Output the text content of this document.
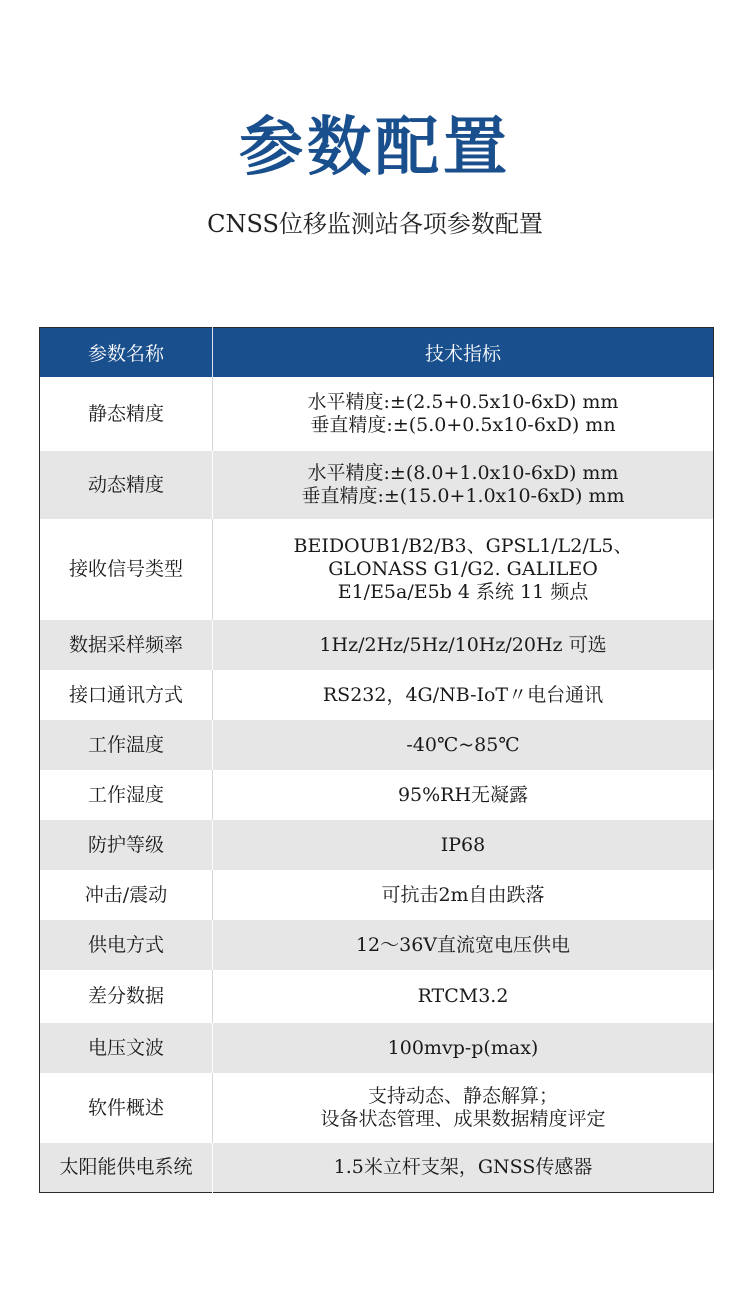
参数配置
CNSS位移监测站各项参数配置
参数名称	技术指标
静态精度	水平精度:±(2.5+0.5x10-6xD) mm
垂直精度:±(5.0+0.5x10-6xD) mn

动态精度	水平精度:±(8.0+1.0x10-6xD) mm
垂直精度:±(15.0+1.0x10-6xD) mm

接收信号类型	BEIDOUB1/B2/B3、GPSL1/L2/L5、
GLONASS G1/G2. GALILEO
E1/E5a/E5b 4 系统 11 频点

数据采样频率	1Hz/2Hz/5Hz/10Hz/20Hz 可选
接口通讯方式	RS232，4G/NB-IoT〃电台通讯
工作温度	-40℃~85℃
工作湿度	95%RH无凝露
防护等级	IP68
冲击/震动	可抗击2m自由跌落
供电方式	12～36V直流宽电压供电
差分数据	RTCM3.2
电压文波	100mvp-p(max)
软件概述	支持动态、静态解算；
设备状态管理、成果数据精度评定

太阳能供电系统	1.5米立杆支架，GNSS传感器
